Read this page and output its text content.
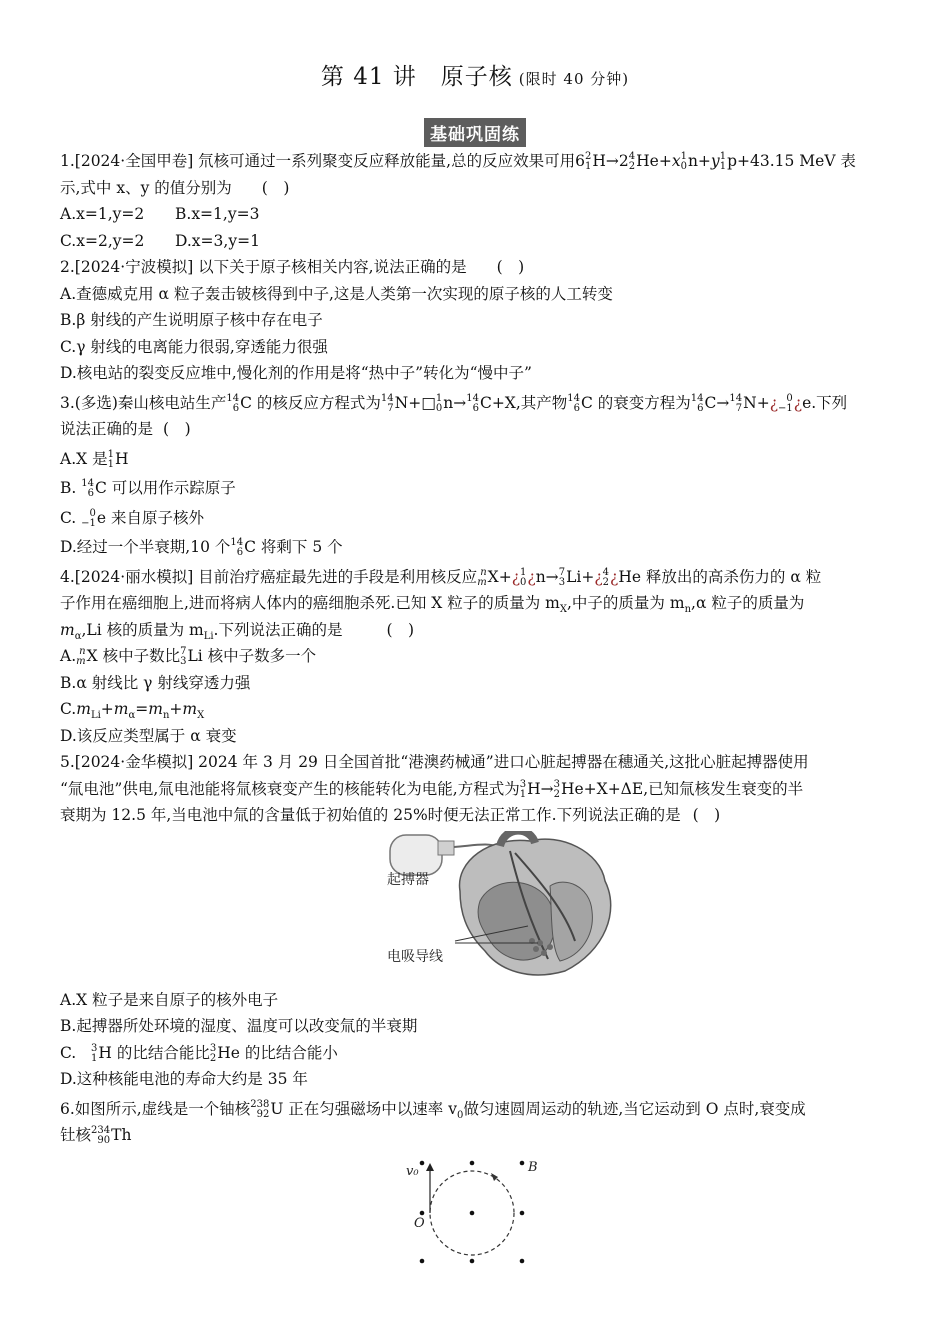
第 41 讲　原子核 (限时 40 分钟)
基础巩固练

1.[2024·全国甲卷] 氘核可通过一系列聚变反应释放能量,总的反应效果可用6 2
1 H→2 4
2 He+x 1
0 n+y 1
1 p+43.15 MeV 表

示,式中 x、y 的值分别为 (　)

A.x=1,y=2 B.x=1,y=3

C.x=2,y=2 D.x=3,y=1

2.[2024·宁波模拟] 以下关于原子核相关内容,说法正确的是 (　)

A.查德威克用 α 粒子轰击铍核得到中子,这是人类第一次实现的原子核的人工转变

B.β 射线的产生说明原子核中存在电子

C.γ 射线的电离能力很弱,穿透能力很强

D.核电站的裂变反应堆中,慢化剂的作用是将“热中子”转化为“慢中子”

3.(多选)秦山核电站生产 14
6 C 的核反应方程式为 14
7 N+□ 1
0 n→ 14
6 C+X,其产物 14
6 C 的衰变方程为 14
6 C→ 14
7 N+¿ 0
−1 ¿e.下列

说法正确的是 (　)

A.X 是 1
1 H

B. 14
6 C 可以用作示踪原子

C. 0
−1 e 来自原子核外

D.经过一个半衰期,10 个 14
6 C 将剩下 5 个

4.[2024·丽水模拟] 目前治疗癌症最先进的手段是利用核反应 n
m X+¿ 1
0 ¿n→ 7
3 Li+¿ 4
2 ¿He 释放出的高杀伤力的 α 粒

子作用在癌细胞上,进而将病人体内的癌细胞杀死.已知 X 粒子的质量为 $m_X$,中子的质量为 $m_n,\alpha$ 粒子的质量为

$m_\alpha,Li$ 核的质量为 $m_{Li}$.下列说法正确的是	(　)

A. n
m X 核中子数比 7
3 Li 核中子数多一个

B.α 射线比 γ 射线穿透力强

$C.m_{Li}+m_\alpha=m_n+m_X$

D.该反应类型属于 α 衰变

5.[2024·金华模拟] 2024 年 3 月 29 日全国首批“港澳药械通”进口心脏起搏器在穗通关,这批心脏起搏器使用

“氚电池”供电,氚电池能将氚核衰变产生的核能转化为电能,方程式为 3
1 H→ 3
2 He+X+ΔE,已知氚核发生衰变的半

衰期为 12.5 年,当电池中氚的含量低于初始值的 25%时便无法正常工作.下列说法正确的是 (　)

起搏器
电吸导线

A.X 粒子是来自原子的核外电子

B.起搏器所处环境的湿度、温度可以改变氚的半衰期

C. 3
1 H 的比结合能比 3
2 He 的比结合能小

D.这种核能电池的寿命大约是 35 年

6.如图所示,虚线是一个铀核 238
92 U 正在匀强磁场中以速率 $v_0$做匀速圆周运动的轨迹,当它运动到 O 点时,衰变成

钍核 234
90 Th

v₀	B
O
